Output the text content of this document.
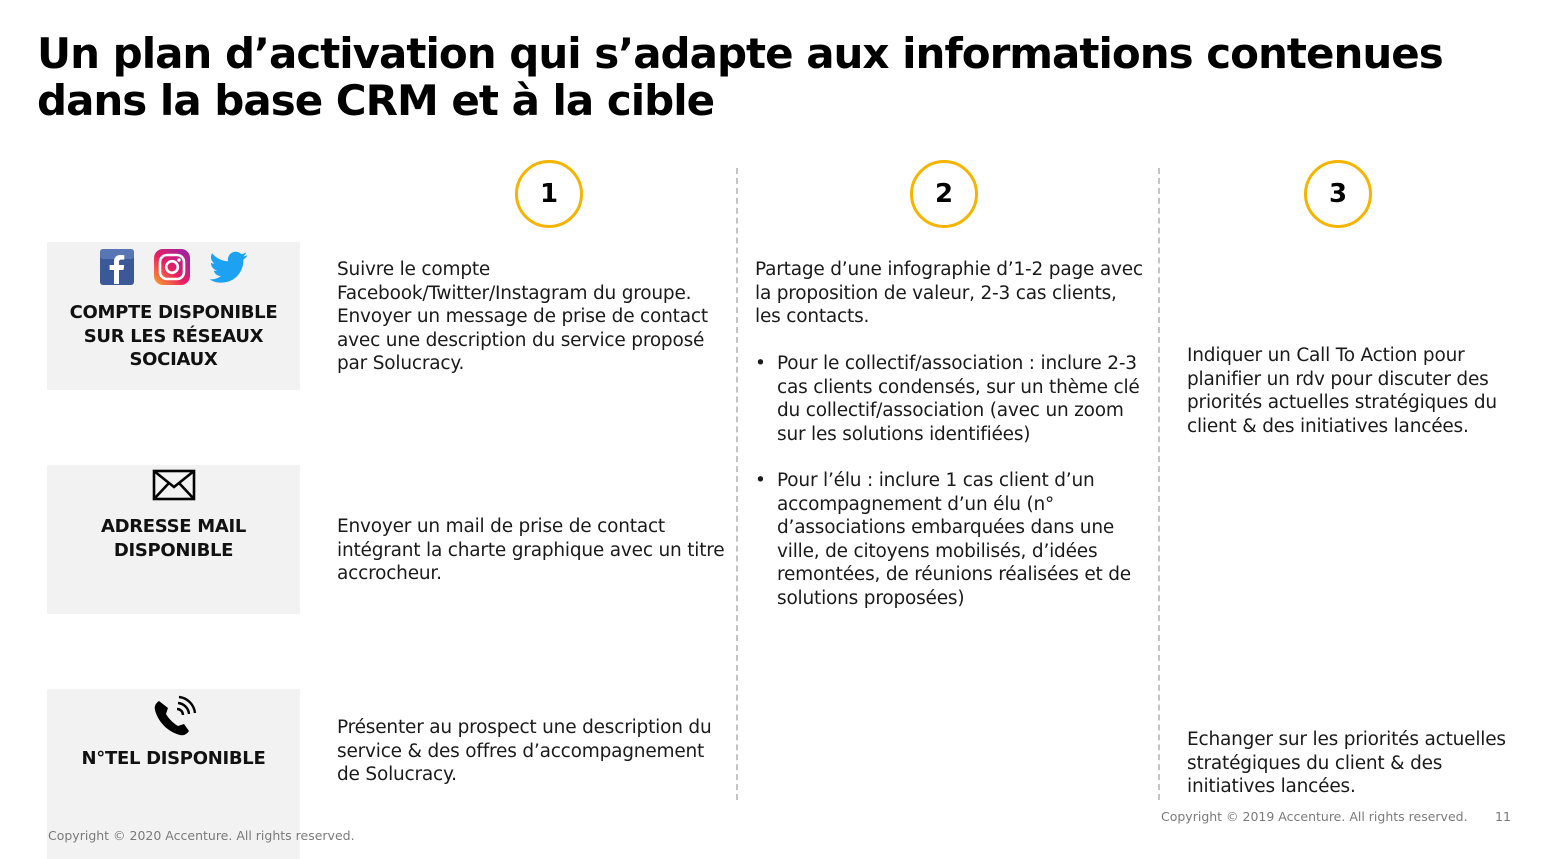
Un plan d’activation qui s’adapte aux informations contenues dans la base CRM et à la cible
1	2	3
COMPTE DISPONIBLE SUR LES RÉSEAUX SOCIAUX
ADRESSE MAIL DISPONIBLE
N°TEL DISPONIBLE
Suivre le compte Facebook/Twitter/Instagram du groupe. Envoyer un message de prise de contact avec une description du service proposé par Solucracy.
Envoyer un mail de prise de contact intégrant la charte graphique avec un titre accrocheur.
Présenter au prospect une description du service & des offres d’accompagnement de Solucracy.
Partage d’une infographie d’1-2 page avec la proposition de valeur, 2-3 cas clients, les contacts.
• Pour le collectif/association : inclure 2-3 cas clients condensés, sur un thème clé du collectif/association (avec un zoom sur les solutions identifiées)
• Pour l’élu : inclure 1 cas client d’un accompagnement d’un élu (n° d’associations embarquées dans une ville, de citoyens mobilisés, d’idées remontées, de réunions réalisées et de solutions proposées)
Indiquer un Call To Action pour planifier un rdv pour discuter des priorités actuelles stratégiques du client & des initiatives lancées.
Echanger sur les priorités actuelles stratégiques du client & des initiatives lancées.
Copyright © 2020 Accenture. All rights reserved.
Copyright © 2019 Accenture. All rights reserved. 11
